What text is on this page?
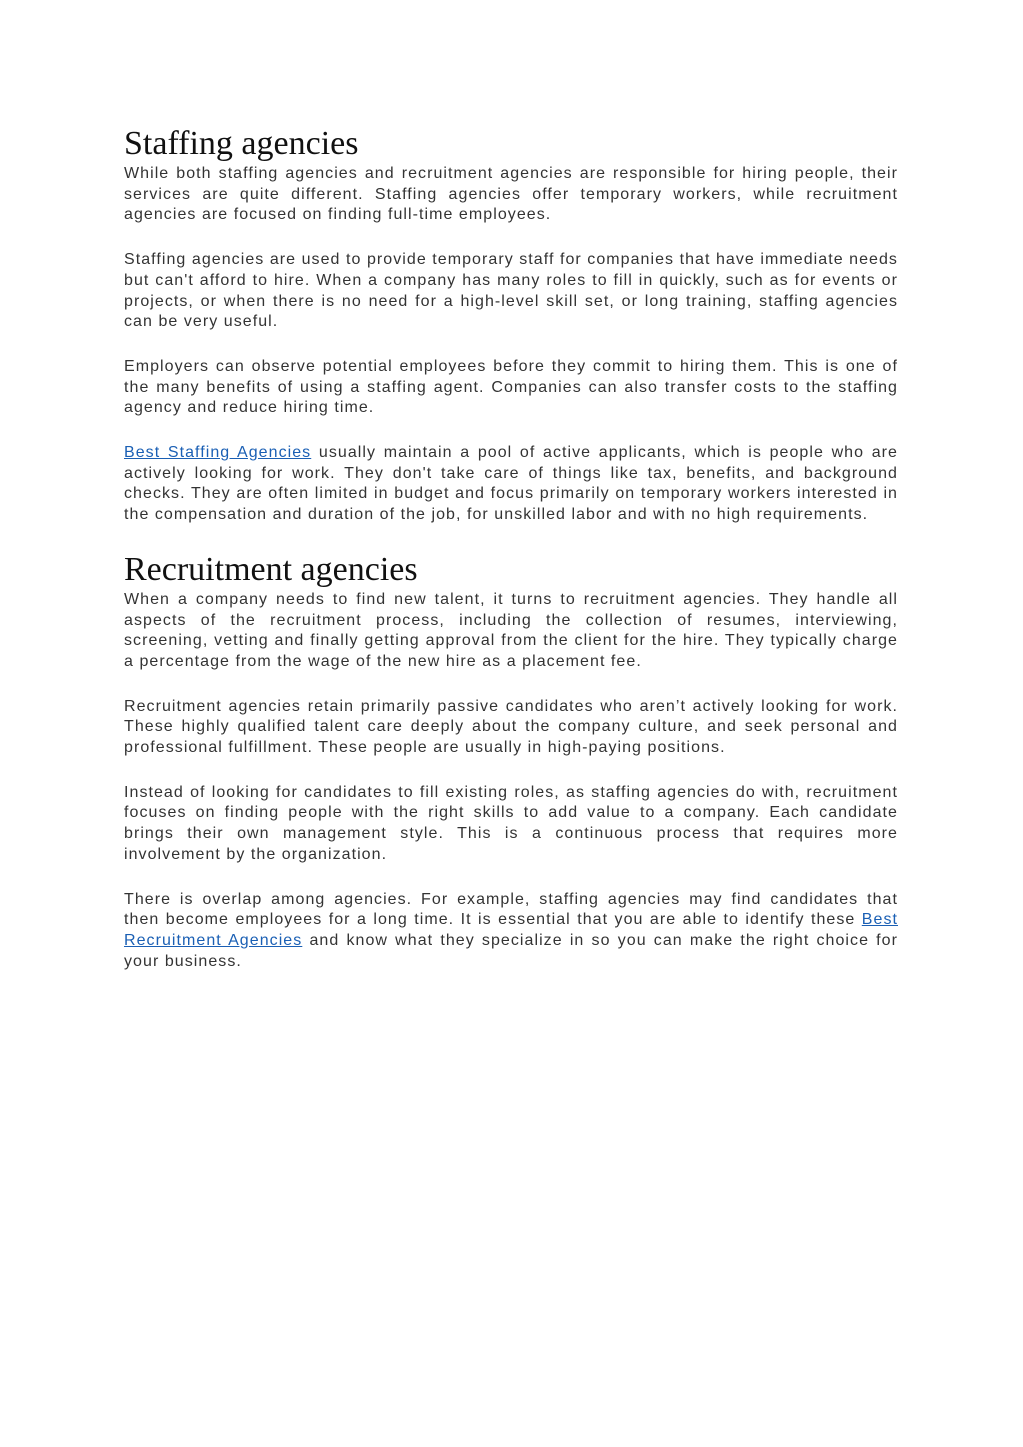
Staffing agencies

While both staffing agencies and recruitment agencies are responsible for hiring people, their services are quite different. Staffing agencies offer temporary workers, while recruitment agencies are focused on finding full-time employees.

Staffing agencies are used to provide temporary staff for companies that have immediate needs but can't afford to hire. When a company has many roles to fill in quickly, such as for events or projects, or when there is no need for a high-level skill set, or long training, staffing agencies can be very useful.

Employers can observe potential employees before they commit to hiring them. This is one of the many benefits of using a staffing agent. Companies can also transfer costs to the staffing agency and reduce hiring time.

Best Staffing Agencies usually maintain a pool of active applicants, which is people who are actively looking for work. They don't take care of things like tax, benefits, and background checks. They are often limited in budget and focus primarily on temporary workers interested in the compensation and duration of the job, for unskilled labor and with no high requirements.

Recruitment agencies

When a company needs to find new talent, it turns to recruitment agencies. They handle all aspects of the recruitment process, including the collection of resumes, interviewing, screening, vetting and finally getting approval from the client for the hire. They typically charge a percentage from the wage of the new hire as a placement fee.

Recruitment agencies retain primarily passive candidates who aren’t actively looking for work. These highly qualified talent care deeply about the company culture, and seek personal and professional fulfillment. These people are usually in high-paying positions.

Instead of looking for candidates to fill existing roles, as staffing agencies do with, recruitment focuses on finding people with the right skills to add value to a company. Each candidate brings their own management style. This is a continuous process that requires more involvement by the organization.

There is overlap among agencies. For example, staffing agencies may find candidates that then become employees for a long time. It is essential that you are able to identify these Best Recruitment Agencies and know what they specialize in so you can make the right choice for your business.
